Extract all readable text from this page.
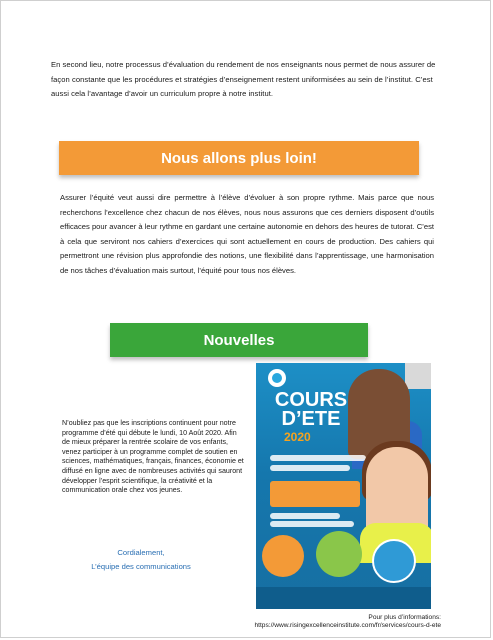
En second lieu, notre processus d’évaluation du rendement de nos enseignants nous permet de nous assurer de façon constante que les procédures et stratégies d’enseignement restent uniformisées au sein de l’institut. C’est aussi cela l’avantage d’avoir un curriculum propre à notre institut.

Nous allons plus loin!

Assurer l’équité veut aussi dire permettre à l’élève d’évoluer à son propre rythme. Mais parce que nous recherchons l’excellence chez chacun de nos élèves, nous nous assurons que ces derniers disposent d’outils efficaces pour avancer à leur rythme en gardant une certaine autonomie en dehors des heures de tutorat. C’est à cela que serviront nos cahiers d’exercices qui sont actuellement en cours de production. Des cahiers qui permettront une révision plus approfondie des notions, une flexibilité dans l’apprentissage, une harmonisation de nos tâches d’évaluation mais surtout, l’équité pour tous nos élèves.

Nouvelles

N’oubliez pas que les inscriptions continuent pour notre programme d’été qui débute le lundi, 10 Août 2020. Afin de mieux préparer la rentrée scolaire de vos enfants, venez participer à un programme complet de soutien en sciences, mathématiques, français, finances, économie et diffusé en ligne avec de nombreuses activités qui sauront développer l’esprit scientifique, la créativité et la communication orale chez vos jeunes.

Cordialement,
L’équipe des communications
COURS D’ETE
2020
Pour plus d’informations:
https://www.risingexcellenceinstitute.com/fr/services/cours-d-ete
